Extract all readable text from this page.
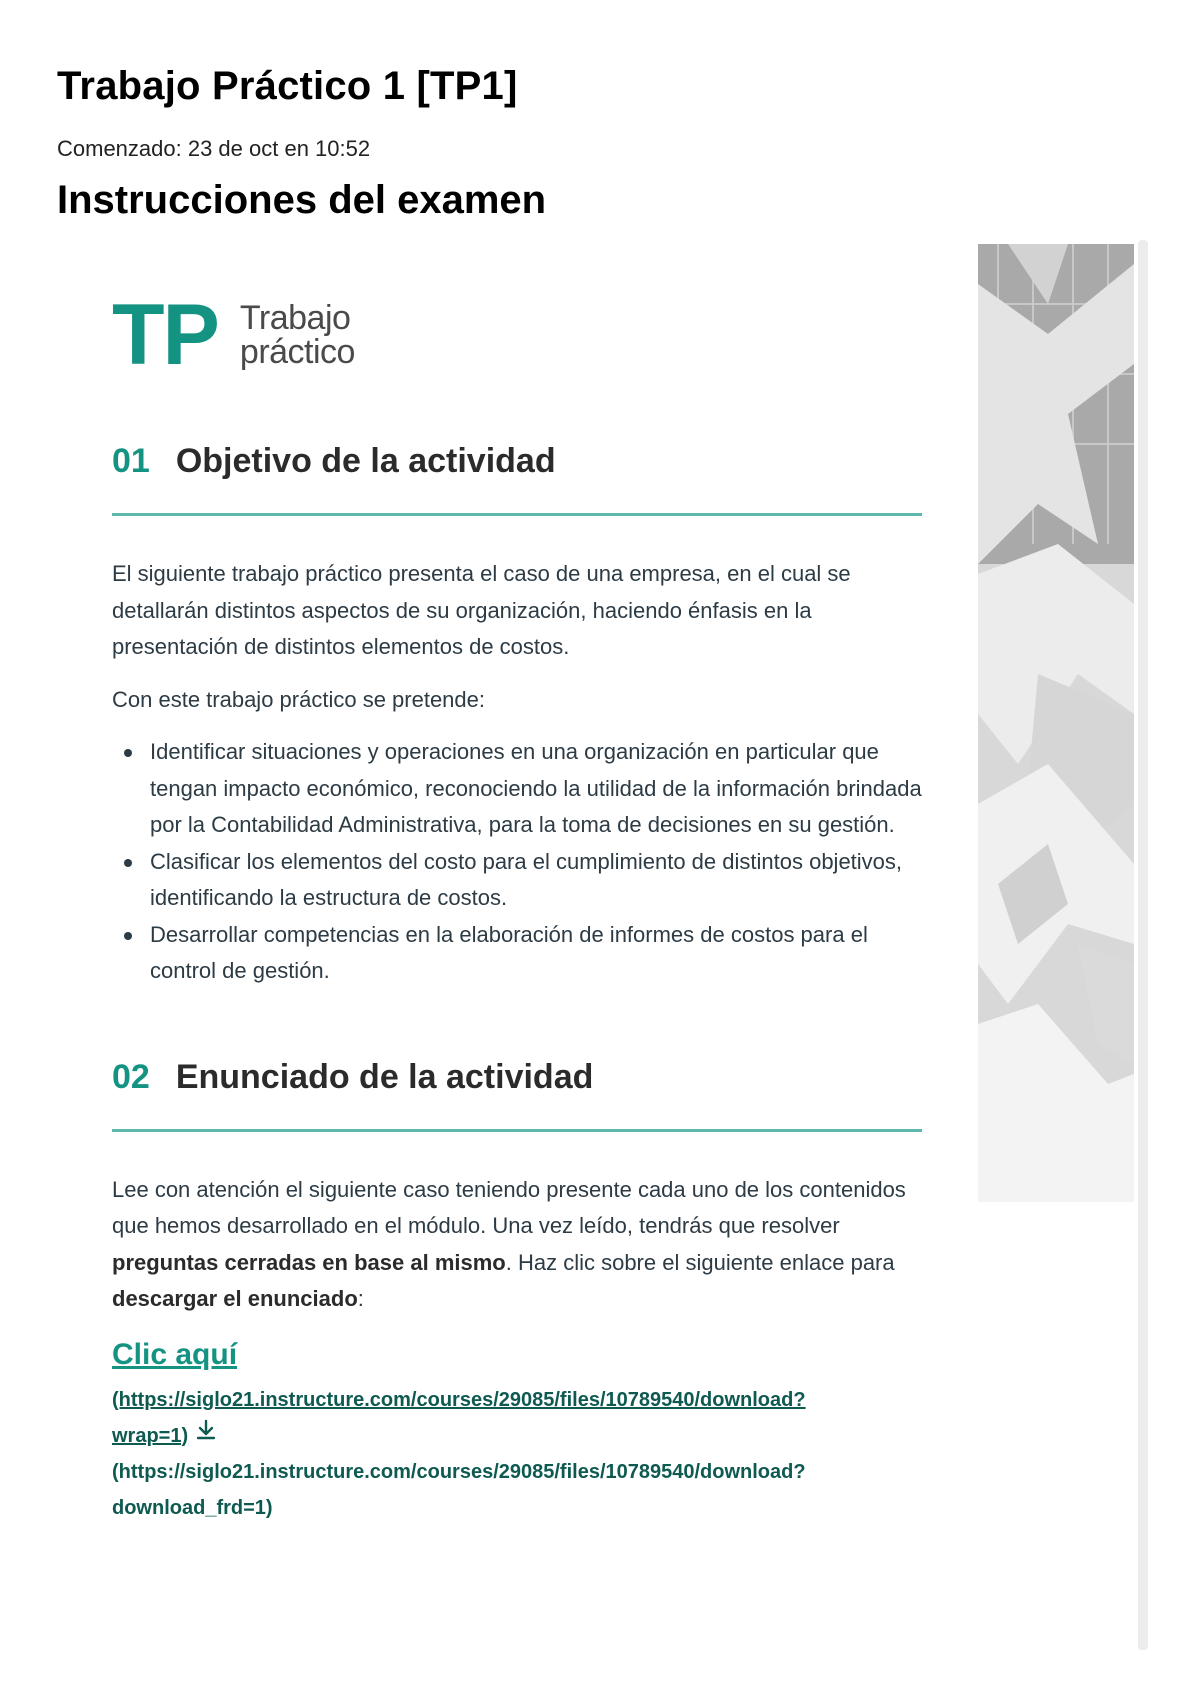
Trabajo Práctico 1 [TP1]
Comenzado: 23 de oct en 10:52
Instrucciones del examen
TP Trabajo
práctico
01 Objetivo de la actividad

El siguiente trabajo práctico presenta el caso de una empresa, en el cual se detallarán distintos aspectos de su organización, haciendo énfasis en la presentación de distintos elementos de costos.

Con este trabajo práctico se pretende:

Identificar situaciones y operaciones en una organización en particular que tengan impacto económico, reconociendo la utilidad de la información brindada por la Contabilidad Administrativa, para la toma de decisiones en su gestión.
Clasificar los elementos del costo para el cumplimiento de distintos objetivos, identificando la estructura de costos.
Desarrollar competencias en la elaboración de informes de costos para el control de gestión.
02 Enunciado de la actividad

Lee con atención el siguiente caso teniendo presente cada uno de los contenidos que hemos desarrollado en el módulo. Una vez leído, tendrás que resolver preguntas cerradas en base al mismo. Haz clic sobre el siguiente enlace para descargar el enunciado:

Clic aquí
(https://siglo21.instructure.com/courses/29085/files/10789540/download?
wrap=1)
(https://siglo21.instructure.com/courses/29085/files/10789540/download?
download_frd=1)
